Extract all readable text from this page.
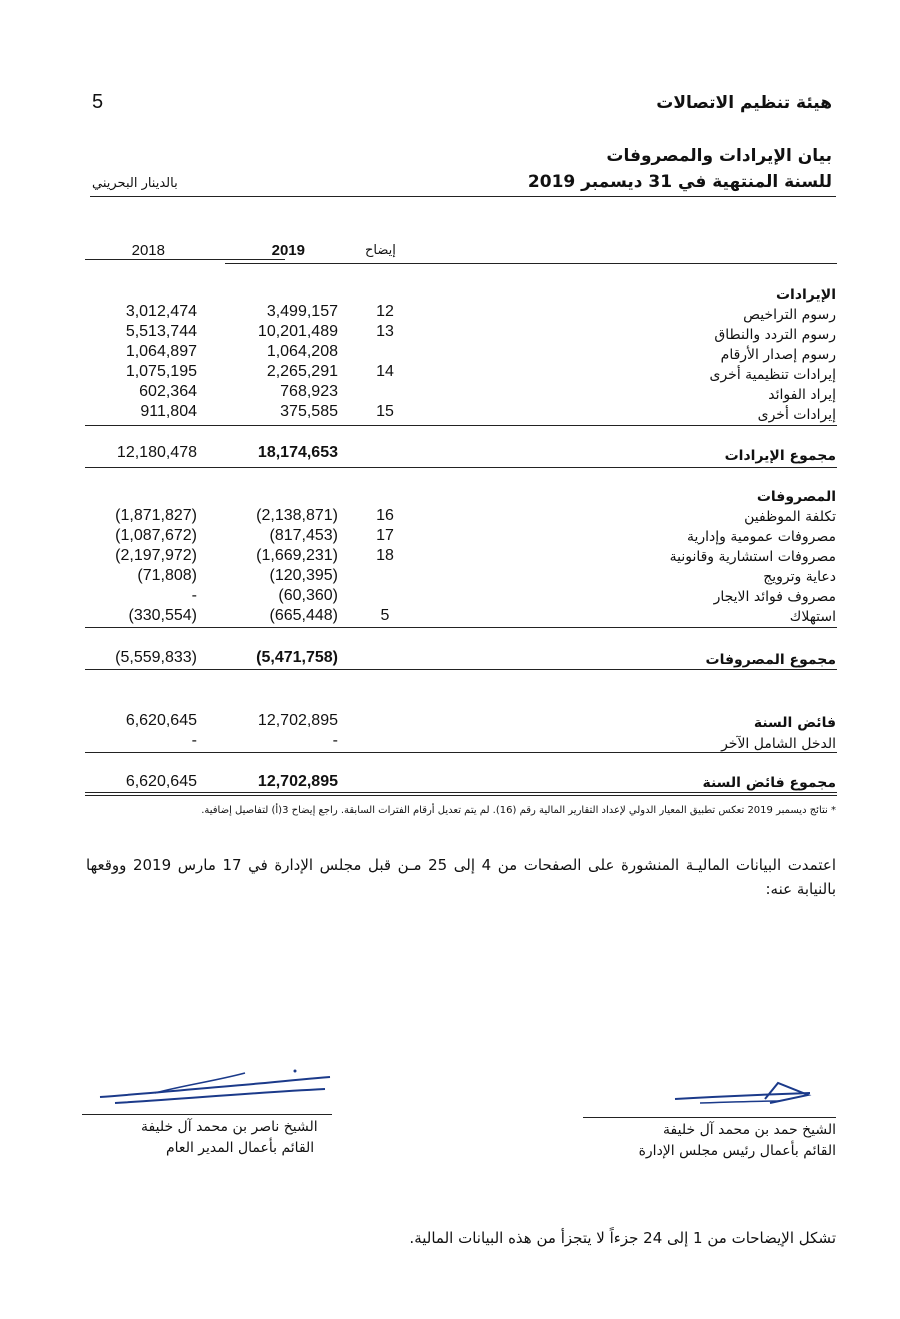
هيئة تنظيم الاتصالات
5
بيان الإيرادات والمصروفات
للسنة المنتهية في 31 ديسمبر 2019
بالدينار البحريني
2018	2019	إيضاح
الإيرادات
رسوم التراخيص
12
3,499,157
3,012,474
رسوم التردد والنطاق
13
10,201,489
5,513,744
رسوم إصدار الأرقام
1,064,208
1,064,897
إيرادات تنظيمية أخرى
14
2,265,291
1,075,195
إيراد الفوائد
768,923
602,364
إيرادات أخرى
15
375,585
911,804
مجموع الإيرادات
18,174,653
12,180,478
المصروفات
تكلفة الموظفين
16
(2,138,871)
(1,871,827)
مصروفات عمومية وإدارية
17
(817,453)
(1,087,672)
مصروفات استشارية وقانونية
18
(1,669,231)
(2,197,972)
دعاية وترويج
(120,395)
(71,808)
مصروف فوائد الايجار
(60,360)
-
استهلاك
5
(665,448)
(330,554)
مجموع المصروفات
(5,471,758)
(5,559,833)
فائض السنة
12,702,895
6,620,645
الدخل الشامل الآخر
-
-
مجموع فائض السنة
12,702,895
6,620,645
* نتائج ديسمبر 2019 تعكس تطبيق المعيار الدولي لإعداد التقارير المالية رقم (16). لم يتم تعديل أرقام الفترات السابقة. راجع إيضاح 3(أ) لتفاصيل إضافية.
اعتمدت البيانات الماليـة المنشورة على الصفحات من 4 إلى 25 مـن قبل مجلس الإدارة في 17 مارس 2019 ووقعها بالنيابة عنه:
الشيخ ناصر بن محمد آل خليفة
القائم بأعمال المدير العام
الشيخ حمد بن محمد آل خليفة
القائم بأعمال رئيس مجلس الإدارة
تشكل الإيضاحات من 1 إلى 24 جزءاً لا يتجزأ من هذه البيانات المالية.
